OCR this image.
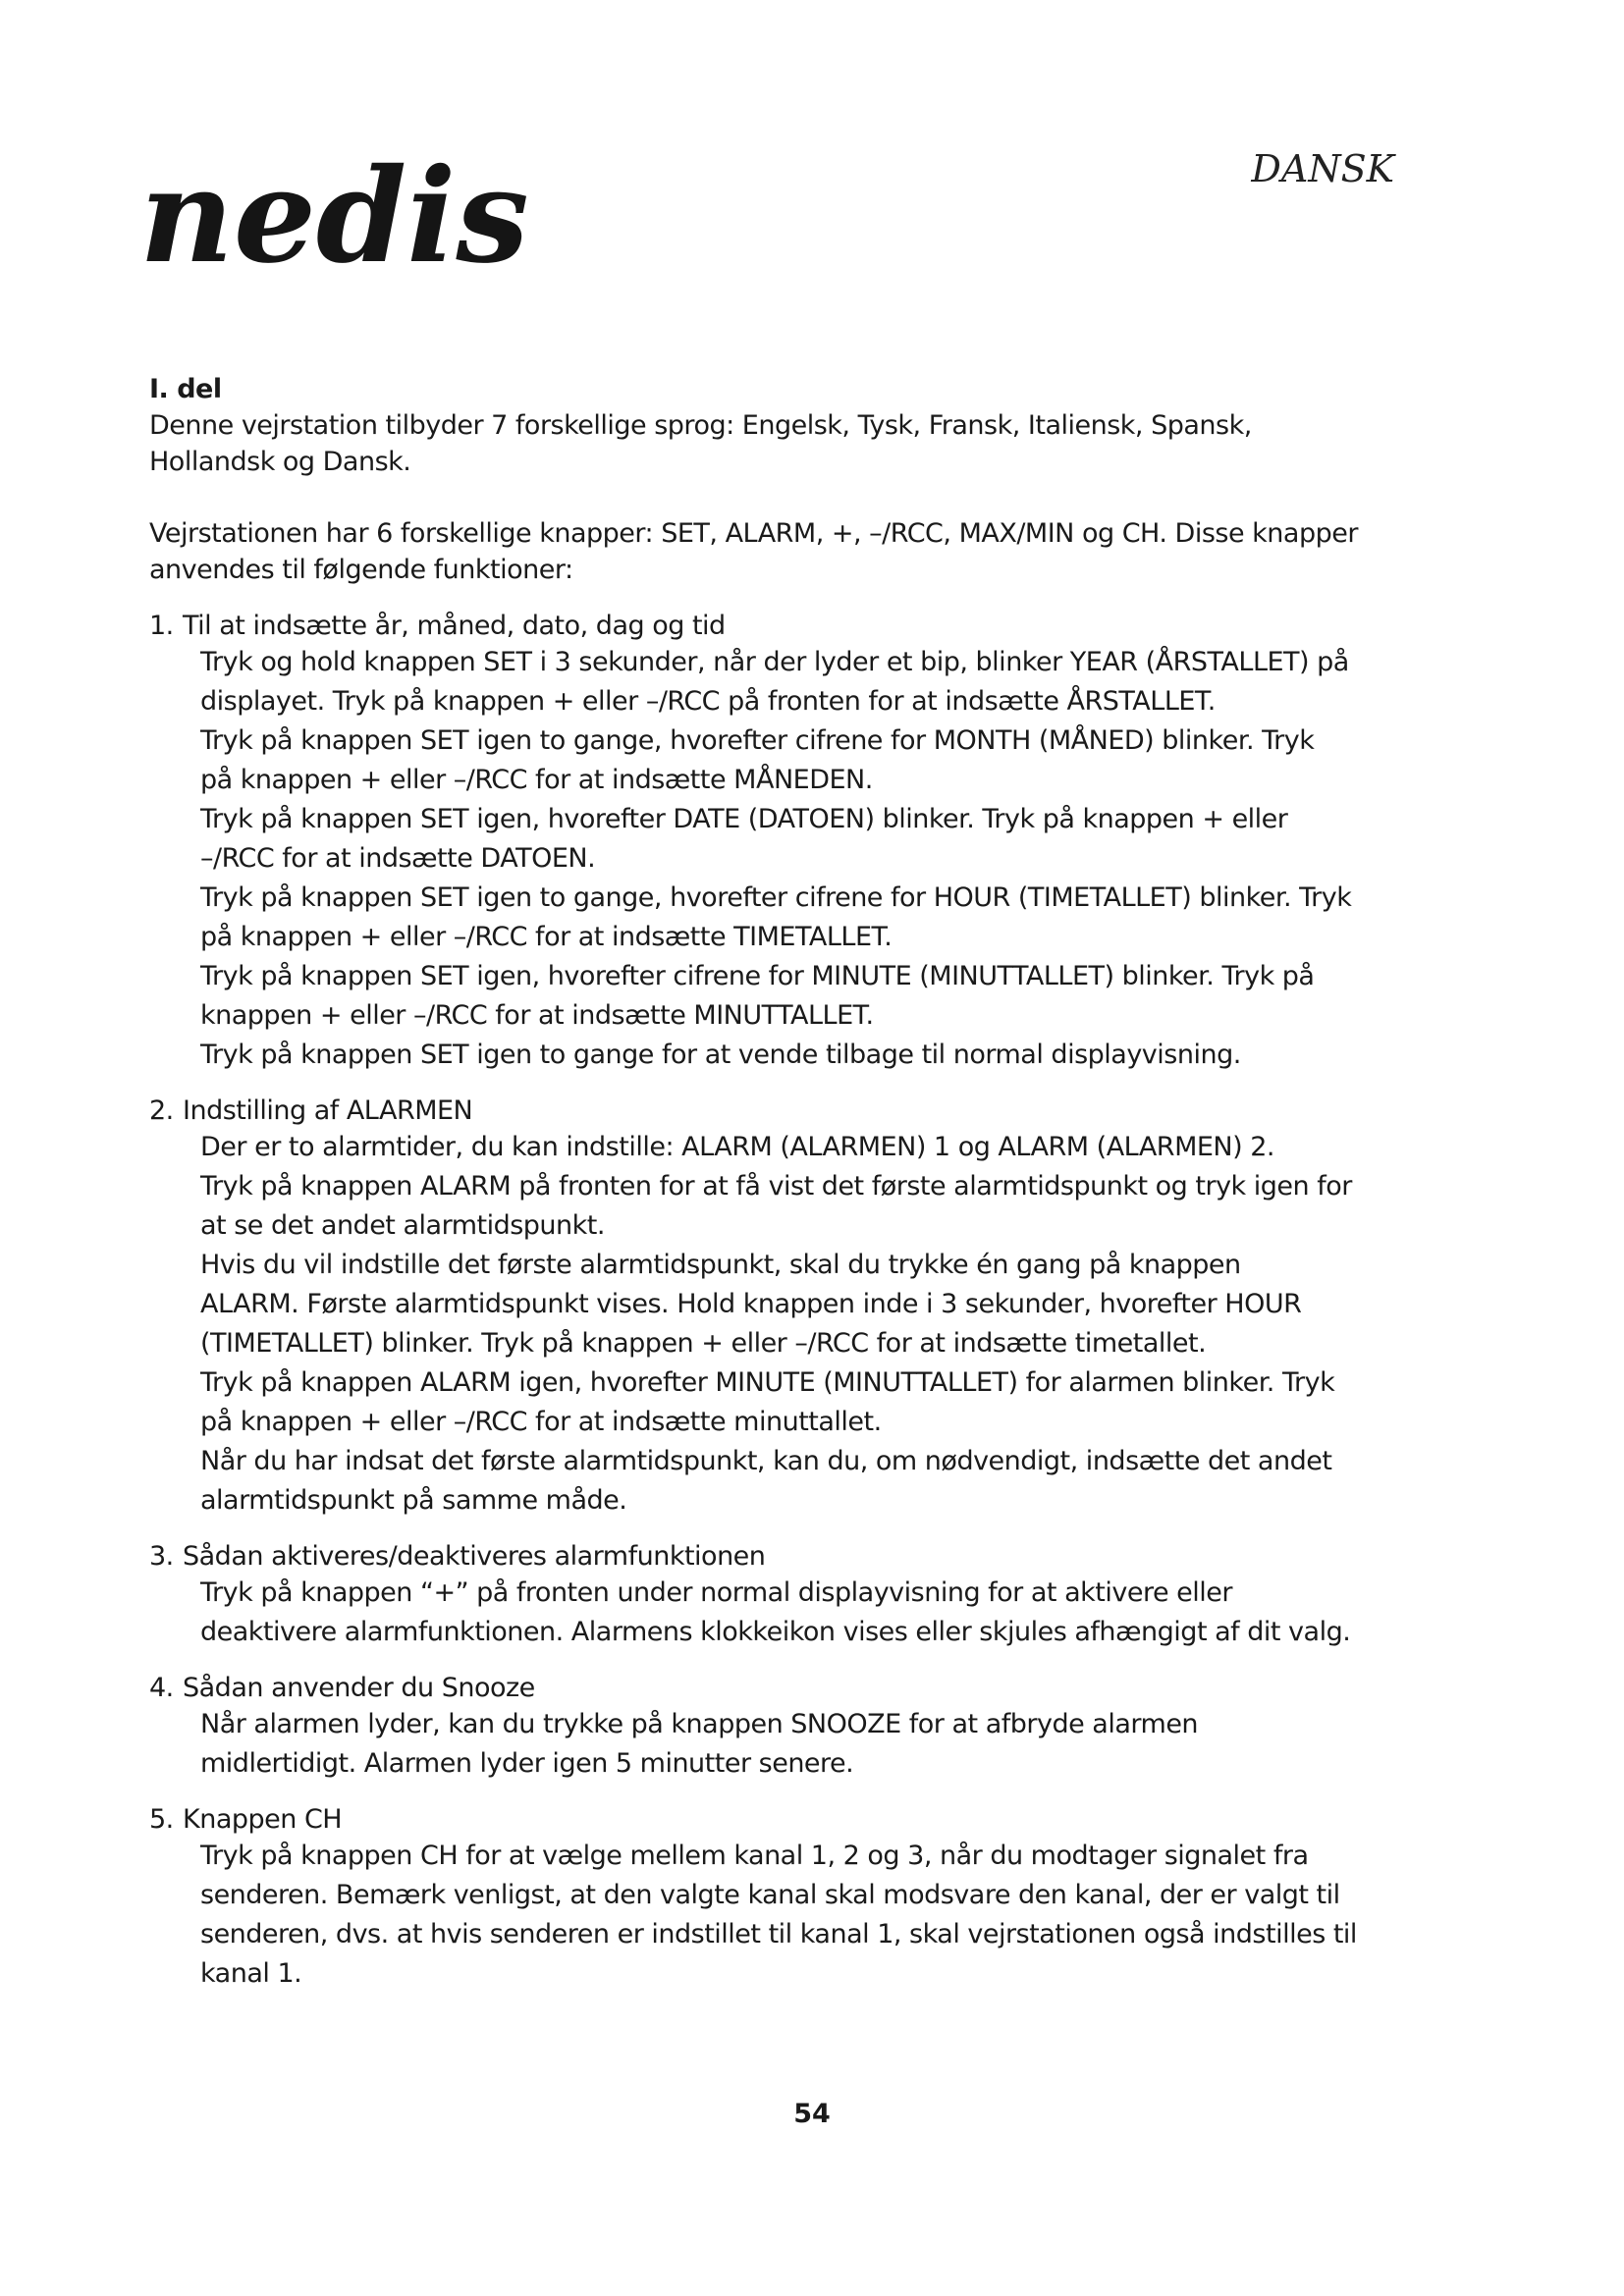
nedis	DANSK
I. del

Denne vejrstation tilbyder 7 forskellige sprog: Engelsk, Tysk, Fransk, Italiensk, Spansk,

Hollandsk og Dansk.

Vejrstationen har 6 forskellige knapper: SET, ALARM, +, –/RCC, MAX/MIN og CH. Disse knapper

anvendes til følgende funktioner:

1. Til at indsætte år, måned, dato, dag og tid
Tryk og hold knappen SET i 3 sekunder, når der lyder et bip, blinker YEAR (ÅRSTALLET) på
displayet. Tryk på knappen + eller –/RCC på fronten for at indsætte ÅRSTALLET.
Tryk på knappen SET igen to gange, hvorefter cifrene for MONTH (MÅNED) blinker. Tryk
på knappen + eller –/RCC for at indsætte MÅNEDEN.
Tryk på knappen SET igen, hvorefter DATE (DATOEN) blinker. Tryk på knappen + eller
–/RCC for at indsætte DATOEN.
Tryk på knappen SET igen to gange, hvorefter cifrene for HOUR (TIMETALLET) blinker. Tryk
på knappen + eller –/RCC for at indsætte TIMETALLET.
Tryk på knappen SET igen, hvorefter cifrene for MINUTE (MINUTTALLET) blinker. Tryk på
knappen + eller –/RCC for at indsætte MINUTTALLET.
Tryk på knappen SET igen to gange for at vende tilbage til normal displayvisning.
2. Indstilling af ALARMEN
Der er to alarmtider, du kan indstille: ALARM (ALARMEN) 1 og ALARM (ALARMEN) 2.
Tryk på knappen ALARM på fronten for at få vist det første alarmtidspunkt og tryk igen for
at se det andet alarmtidspunkt.
Hvis du vil indstille det første alarmtidspunkt, skal du trykke én gang på knappen
ALARM. Første alarmtidspunkt vises. Hold knappen inde i 3 sekunder, hvorefter HOUR
(TIMETALLET) blinker. Tryk på knappen + eller –/RCC for at indsætte timetallet.
Tryk på knappen ALARM igen, hvorefter MINUTE (MINUTTALLET) for alarmen blinker. Tryk
på knappen + eller –/RCC for at indsætte minuttallet.
Når du har indsat det første alarmtidspunkt, kan du, om nødvendigt, indsætte det andet
alarmtidspunkt på samme måde.
3. Sådan aktiveres/deaktiveres alarmfunktionen
Tryk på knappen “+” på fronten under normal displayvisning for at aktivere eller
deaktivere alarmfunktionen. Alarmens klokkeikon vises eller skjules afhængigt af dit valg.
4. Sådan anvender du Snooze
Når alarmen lyder, kan du trykke på knappen SNOOZE for at afbryde alarmen
midlertidigt. Alarmen lyder igen 5 minutter senere.
5. Knappen CH
Tryk på knappen CH for at vælge mellem kanal 1, 2 og 3, når du modtager signalet fra
senderen. Bemærk venligst, at den valgte kanal skal modsvare den kanal, der er valgt til
senderen, dvs. at hvis senderen er indstillet til kanal 1, skal vejrstationen også indstilles til
kanal 1.
54
